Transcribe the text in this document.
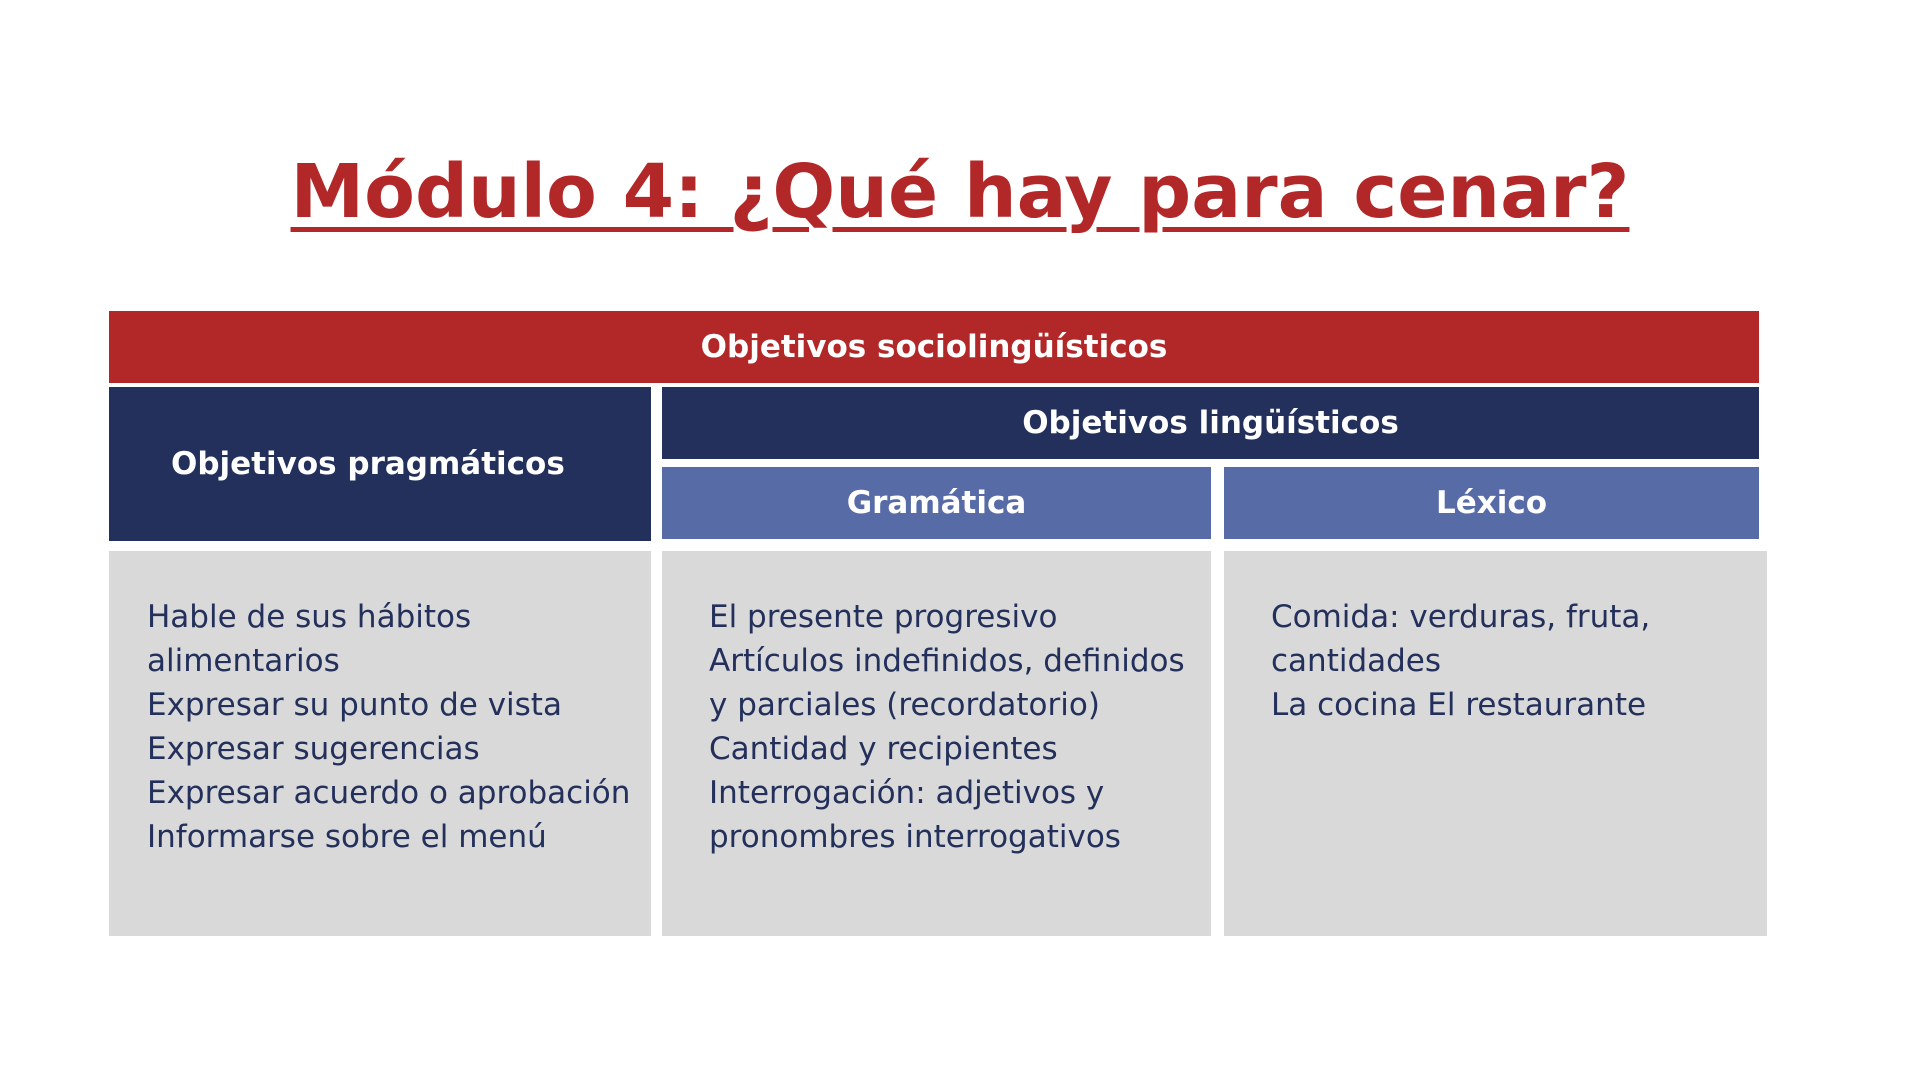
Módulo 4: ¿Qué hay para cenar?
Objetivos sociolingüísticos
Objetivos pragmáticos
Objetivos lingüísticos
Gramática	Léxico
Hable de sus hábitos alimentarios
Expresar su punto de vista
Expresar sugerencias
Expresar acuerdo o aprobación
Informarse sobre el menú
El presente progresivo
Artículos indefinidos, definidos y parciales (recordatorio)
Cantidad y recipientes
Interrogación: adjetivos y pronombres interrogativos
Comida: verduras, fruta, cantidades
La cocina El restaurante
